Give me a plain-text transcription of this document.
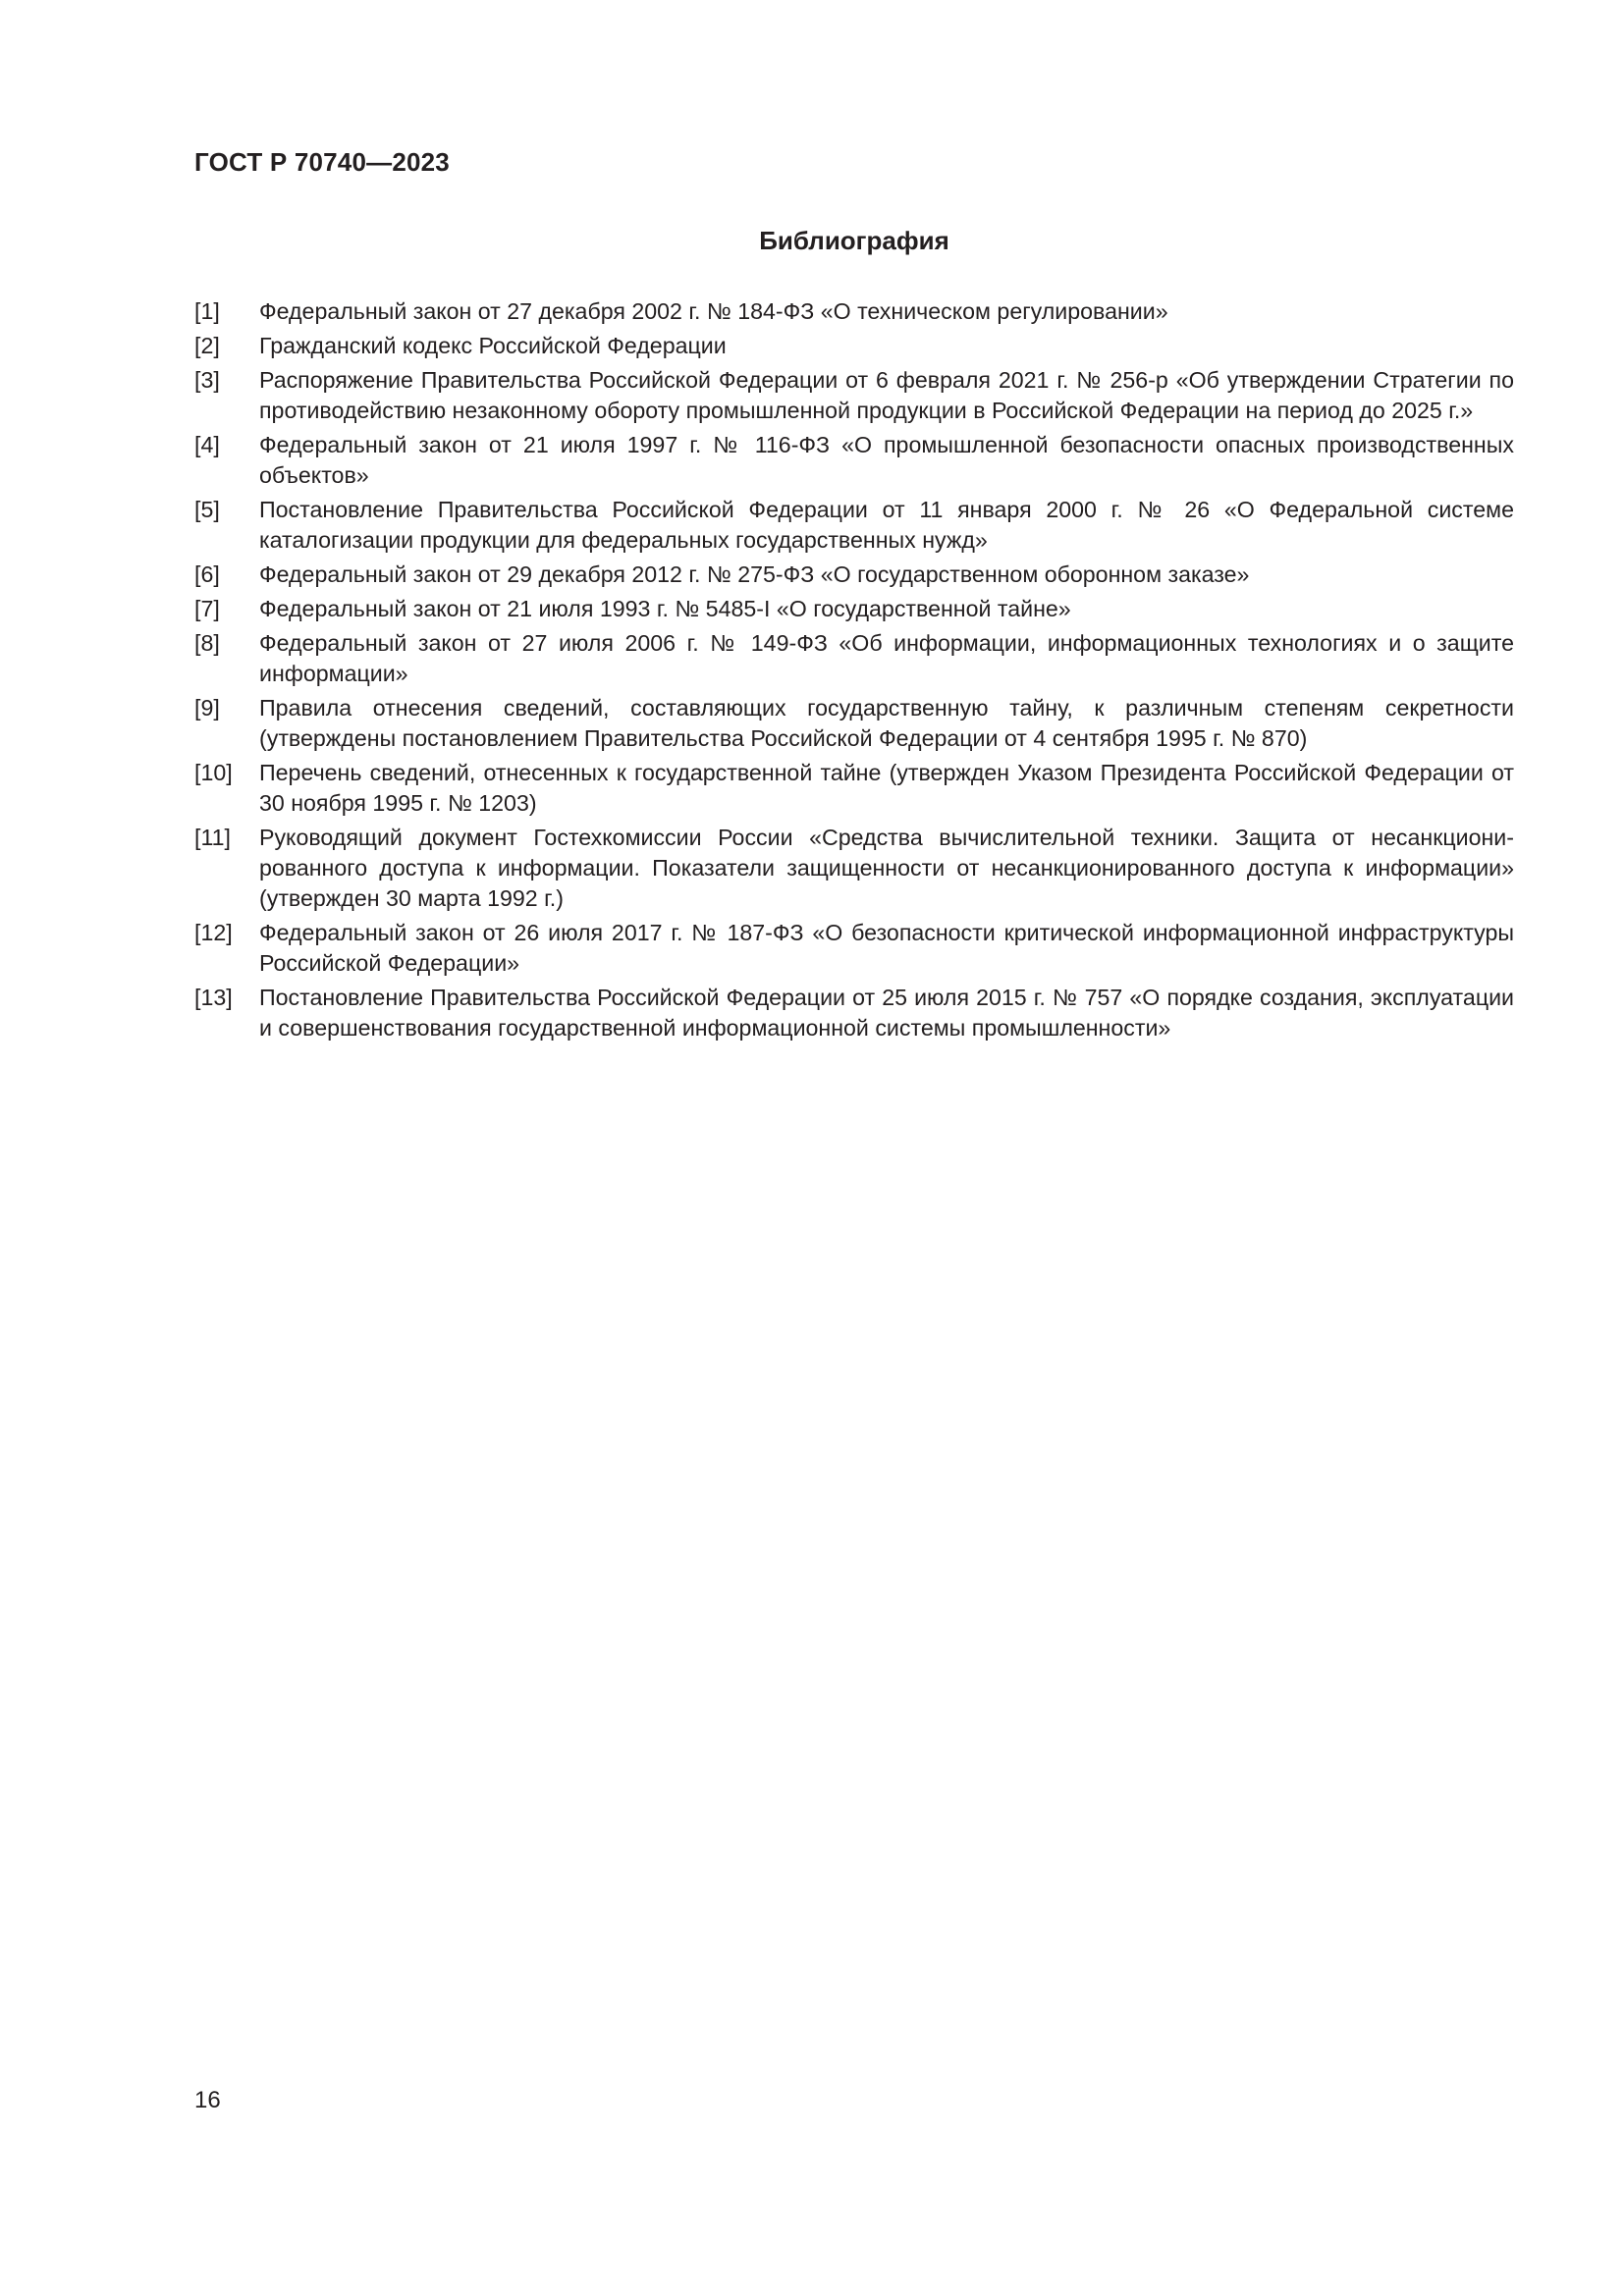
ГОСТ Р 70740—2023
Библиография
[1]	Федеральный закон от 27 декабря 2002 г. № 184-ФЗ «О техническом регулировании»
[2]	Гражданский кодекс Российской Федерации
[3]	Распоряжение Правительства Российской Федерации от 6 февраля 2021 г. № 256-р «Об утверждении Стратегии по противодействию незаконному обороту промышленной продукции в Российской Федерации на период до 2025 г.»
[4]	Федеральный закон от 21 июля 1997 г. № 116-ФЗ «О промышленной безопасности опасных производственных объектов»
[5]	Постановление Правительства Российской Федерации от 11 января 2000 г. № 26 «О Федеральной системе каталогизации продукции для федеральных государственных нужд»
[6]	Федеральный закон от 29 декабря 2012 г. № 275-ФЗ «О государственном оборонном заказе»
[7]	Федеральный закон от 21 июля 1993 г. № 5485-I «О государственной тайне»
[8]	Федеральный закон от 27 июля 2006 г. № 149-ФЗ «Об информации, информационных технологиях и о защите информации»
[9]	Правила отнесения сведений, составляющих государственную тайну, к различным степеням секретности (утверждены постановлением Правительства Российской Федерации от 4 сентября 1995 г. № 870)
[10]	Перечень сведений, отнесенных к государственной тайне (утвержден Указом Президента Российской Федерации от 30 ноября 1995 г. № 1203)
[11]	Руководящий документ Гостехкомиссии России «Средства вычислительной техники. Защита от несанкционированного доступа к информации. Показатели защищенности от несанкционированного доступа к информации» (утвержден 30 марта 1992 г.)
[12]	Федеральный закон от 26 июля 2017 г. № 187-ФЗ «О безопасности критической информационной инфраструктуры Российской Федерации»
[13]	Постановление Правительства Российской Федерации от 25 июля 2015 г. № 757 «О порядке создания, эксплуатации и совершенствования государственной информационной системы промышленности»
16
